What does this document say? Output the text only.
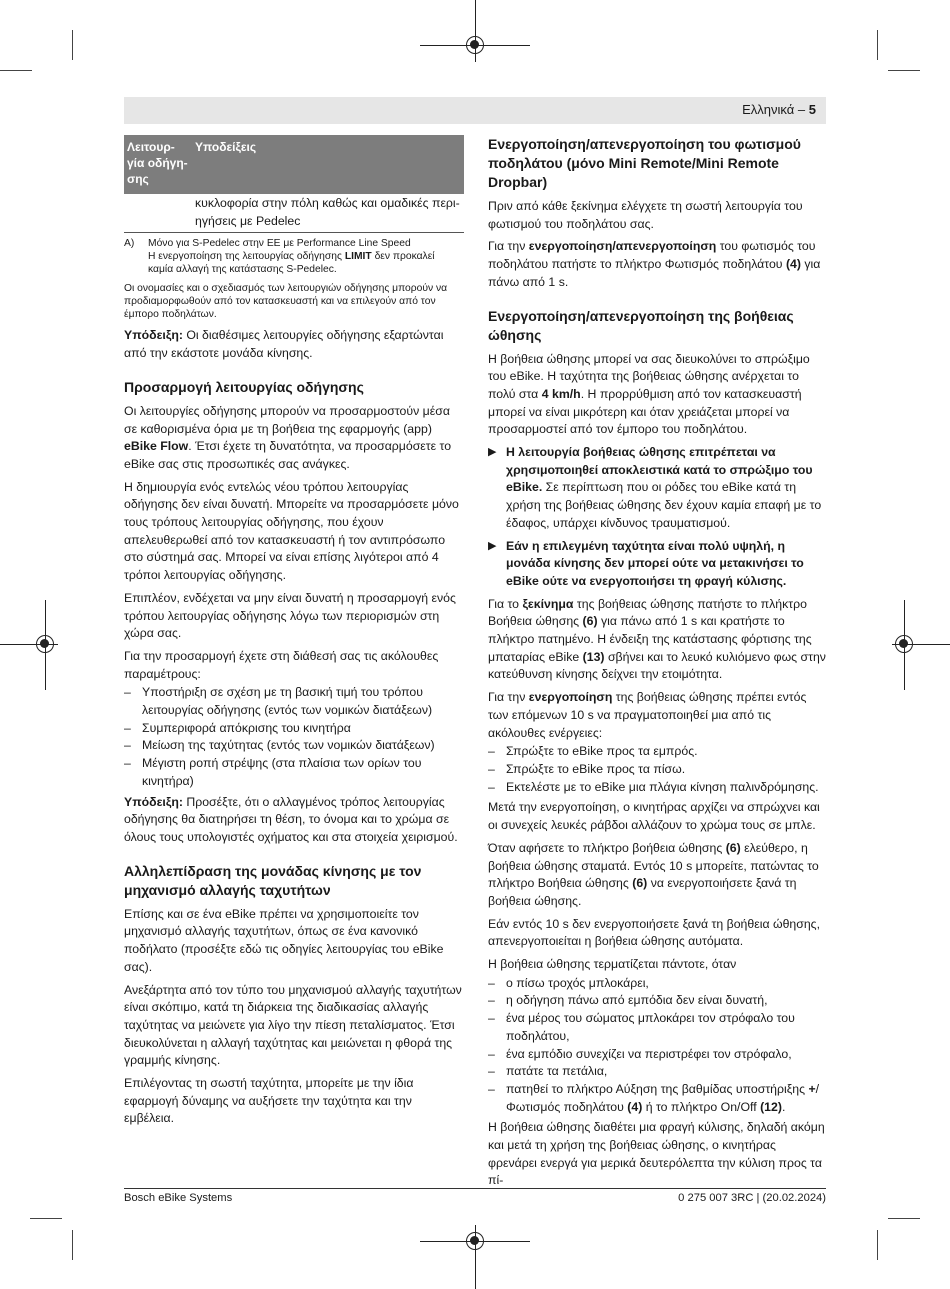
Ελληνικά – 5
Λειτουρ-
γία οδήγη-
σης	Υποδείξεις
	κυκλοφορία στην πόλη καθώς και ομαδικές περι-
ηγήσεις με Pedelec
A)	Μόνο για S-Pedelec στην ΕΕ με Performance Line Speed
Η ενεργοποίηση της λειτουργίας οδήγησης LIMIT δεν προκαλεί
καμία αλλαγή της κατάστασης S-Pedelec.
Οι ονομασίες και ο σχεδιασμός των λειτουργιών οδήγησης μπορούν να προδιαμορφωθούν από τον κατασκευαστή και να επιλεγούν από τον έμπορο ποδηλάτων.

Υπόδειξη: Οι διαθέσιμες λειτουργίες οδήγησης εξαρτώνται από την εκάστοτε μονάδα κίνησης.

Προσαρμογή λειτουργίας οδήγησης

Οι λειτουργίες οδήγησης μπορούν να προσαρμοστούν μέσα σε καθορισμένα όρια με τη βοήθεια της εφαρμογής (app) eBike Flow. Έτσι έχετε τη δυνατότητα, να προσαρμόσετε το eBike σας στις προσωπικές σας ανάγκες.

Η δημιουργία ενός εντελώς νέου τρόπου λειτουργίας οδήγησης δεν είναι δυνατή. Μπορείτε να προσαρμόσετε μόνο τους τρόπους λειτουργίας οδήγησης, που έχουν απελευθερωθεί από τον κατασκευαστή ή τον αντιπρόσωπο στο σύστημά σας. Μπορεί να είναι επίσης λιγότεροι από 4 τρόποι λειτουργίας οδήγησης.

Επιπλέον, ενδέχεται να μην είναι δυνατή η προσαρμογή ενός τρόπου λειτουργίας οδήγησης λόγω των περιορισμών στη χώρα σας.

Για την προσαρμογή έχετε στη διάθεσή σας τις ακόλουθες παραμέτρους:

– Υποστήριξη σε σχέση με τη βασική τιμή του τρόπου λειτουργίας οδήγησης (εντός των νομικών διατάξεων)
– Συμπεριφορά απόκρισης του κινητήρα
– Μείωση της ταχύτητας (εντός των νομικών διατάξεων)
– Μέγιστη ροπή στρέψης (στα πλαίσια των ορίων του κινητήρα)

Υπόδειξη: Προσέξτε, ότι ο αλλαγμένος τρόπος λειτουργίας οδήγησης θα διατηρήσει τη θέση, το όνομα και το χρώμα σε όλους τους υπολογιστές οχήματος και στα στοιχεία χειρισμού.

Αλληλεπίδραση της μονάδας κίνησης με τον μηχανισμό αλλαγής ταχυτήτων

Επίσης και σε ένα eBike πρέπει να χρησιμοποιείτε τον μηχανισμό αλλαγής ταχυτήτων, όπως σε ένα κανονικό ποδήλατο (προσέξτε εδώ τις οδηγίες λειτουργίας του eBike σας).

Ανεξάρτητα από τον τύπο του μηχανισμού αλλαγής ταχυτήτων είναι σκόπιμο, κατά τη διάρκεια της διαδικασίας αλλαγής ταχύτητας να μειώνετε για λίγο την πίεση πεταλίσματος. Έτσι διευκολύνεται η αλλαγή ταχύτητας και μειώνεται η φθορά της γραμμής κίνησης.

Επιλέγοντας τη σωστή ταχύτητα, μπορείτε με την ίδια εφαρμογή δύναμης να αυξήσετε την ταχύτητα και την εμβέλεια.

Ενεργοποίηση/απενεργοποίηση του φωτισμού ποδηλάτου (μόνο Mini Remote/Mini Remote Dropbar)

Πριν από κάθε ξεκίνημα ελέγχετε τη σωστή λειτουργία του φωτισμού του ποδηλάτου σας.

Για την ενεργοποίηση/απενεργοποίηση του φωτισμός του ποδηλάτου πατήστε το πλήκτρο Φωτισμός ποδηλάτου (4) για πάνω από 1 s.

Ενεργοποίηση/απενεργοποίηση της βοήθειας ώθησης

Η βοήθεια ώθησης μπορεί να σας διευκολύνει το σπρώξιμο του eBike. Η ταχύτητα της βοήθειας ώθησης ανέρχεται το πολύ στα 4 km/h. Η προρρύθμιση από τον κατασκευαστή μπορεί να είναι μικρότερη και όταν χρειάζεται μπορεί να προσαρμοστεί από τον έμπορο του ποδηλάτου.

▶ Η λειτουργία βοήθειας ώθησης επιτρέπεται να χρησιμοποιηθεί αποκλειστικά κατά το σπρώξιμο του eBike. Σε περίπτωση που οι ρόδες του eBike κατά τη χρήση της βοήθειας ώθησης δεν έχουν καμία επαφή με το έδαφος, υπάρχει κίνδυνος τραυματισμού.
▶ Εάν η επιλεγμένη ταχύτητα είναι πολύ υψηλή, η μονάδα κίνησης δεν μπορεί ούτε να μετακινήσει το eBike ούτε να ενεργοποιήσει τη φραγή κύλισης.

Για το ξεκίνημα της βοήθειας ώθησης πατήστε το πλήκτρο Βοήθεια ώθησης (6) για πάνω από 1 s και κρατήστε το πλήκτρο πατημένο. Η ένδειξη της κατάστασης φόρτισης της μπαταρίας eBike (13) σβήνει και το λευκό κυλιόμενο φως στην κατεύθυνση κίνησης δείχνει την ετοιμότητα.

Για την ενεργοποίηση της βοήθειας ώθησης πρέπει εντός των επόμενων 10 s να πραγματοποιηθεί μια από τις ακόλουθες ενέργειες:

– Σπρώξτε το eBike προς τα εμπρός.
– Σπρώξτε το eBike προς τα πίσω.
– Εκτελέστε με το eBike μια πλάγια κίνηση παλινδρόμησης.

Μετά την ενεργοποίηση, ο κινητήρας αρχίζει να σπρώχνει και οι συνεχείς λευκές ράβδοι αλλάζουν το χρώμα τους σε μπλε.

Όταν αφήσετε το πλήκτρο βοήθεια ώθησης (6) ελεύθερο, η βοήθεια ώθησης σταματά. Εντός 10 s μπορείτε, πατώντας το πλήκτρο Βοήθεια ώθησης (6) να ενεργοποιήσετε ξανά τη βοήθεια ώθησης.

Εάν εντός 10 s δεν ενεργοποιήσετε ξανά τη βοήθεια ώθησης, απενεργοποιείται η βοήθεια ώθησης αυτόματα.

Η βοήθεια ώθησης τερματίζεται πάντοτε, όταν

– ο πίσω τροχός μπλοκάρει,
– η οδήγηση πάνω από εμπόδια δεν είναι δυνατή,
– ένα μέρος του σώματος μπλοκάρει τον στρόφαλο του ποδηλάτου,
– ένα εμπόδιο συνεχίζει να περιστρέφει τον στρόφαλο,
– πατάτε τα πετάλια,
– πατηθεί το πλήκτρο Αύξηση της βαθμίδας υποστήριξης +/ Φωτισμός ποδηλάτου (4) ή το πλήκτρο On/Off (12).

Η βοήθεια ώθησης διαθέτει μια φραγή κύλισης, δηλαδή ακόμη και μετά τη χρήση της βοήθειας ώθησης, ο κινητήρας φρενάρει ενεργά για μερικά δευτερόλεπτα την κύλιση προς τα πί-

Bosch eBike Systems	0 275 007 3RC | (20.02.2024)
